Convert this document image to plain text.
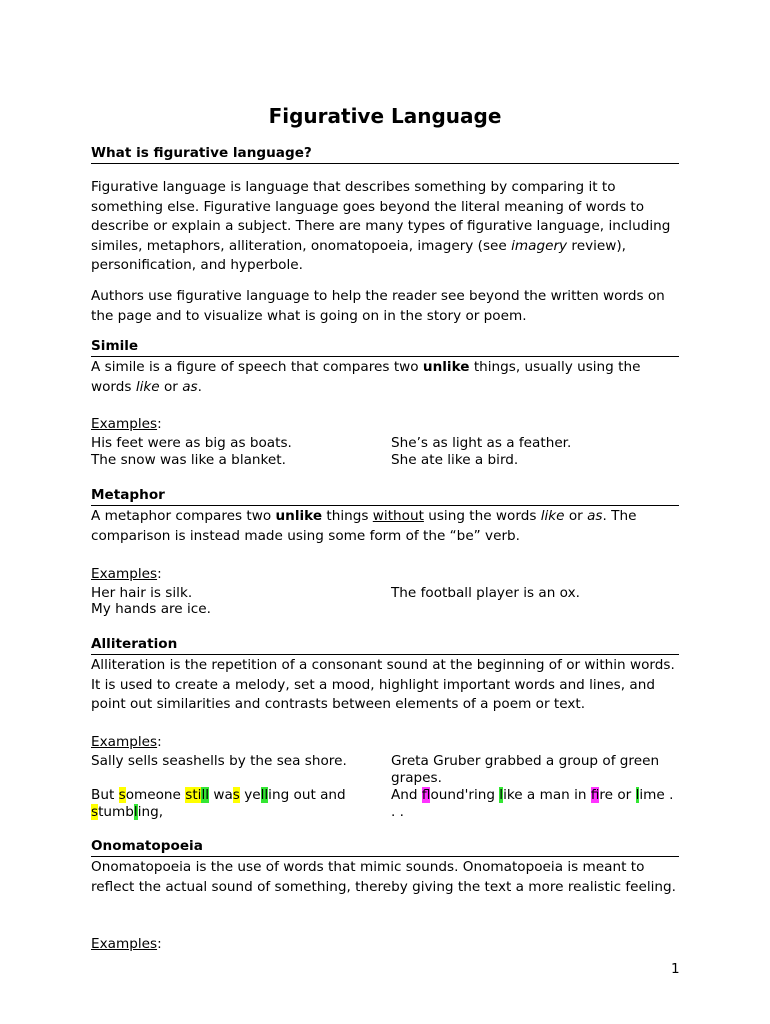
Figurative Language
What is figurative language?

Figurative language is language that describes something by comparing it to something else. Figurative language goes beyond the literal meaning of words to describe or explain a subject. There are many types of figurative language, including similes, metaphors, alliteration, onomatopoeia, imagery (see imagery review), personification, and hyperbole.

Authors use figurative language to help the reader see beyond the written words on the page and to visualize what is going on in the story or poem.

Simile

A simile is a figure of speech that compares two unlike things, usually using the words like or as.

Examples:
His feet were as big as boats.
The snow was like a blanket.
She’s as light as a feather.
She ate like a bird.
Metaphor

A metaphor compares two unlike things without using the words like or as. The comparison is instead made using some form of the “be” verb.

Examples:
Her hair is silk.
My hands are ice.
The football player is an ox.
Alliteration

Alliteration is the repetition of a consonant sound at the beginning of or within words. It is used to create a melody, set a mood, highlight important words and lines, and point out similarities and contrasts between elements of a poem or text.

Examples:
Sally sells seashells by the sea shore.	Greta Gruber grabbed a group of green grapes.
But someone still was yelling out and stumbling,
And flound'ring like a man in fire or lime . . .
Onomatopoeia

Onomatopoeia is the use of words that mimic sounds. Onomatopoeia is meant to reflect the actual sound of something, thereby giving the text a more realistic feeling.

Examples:
1
